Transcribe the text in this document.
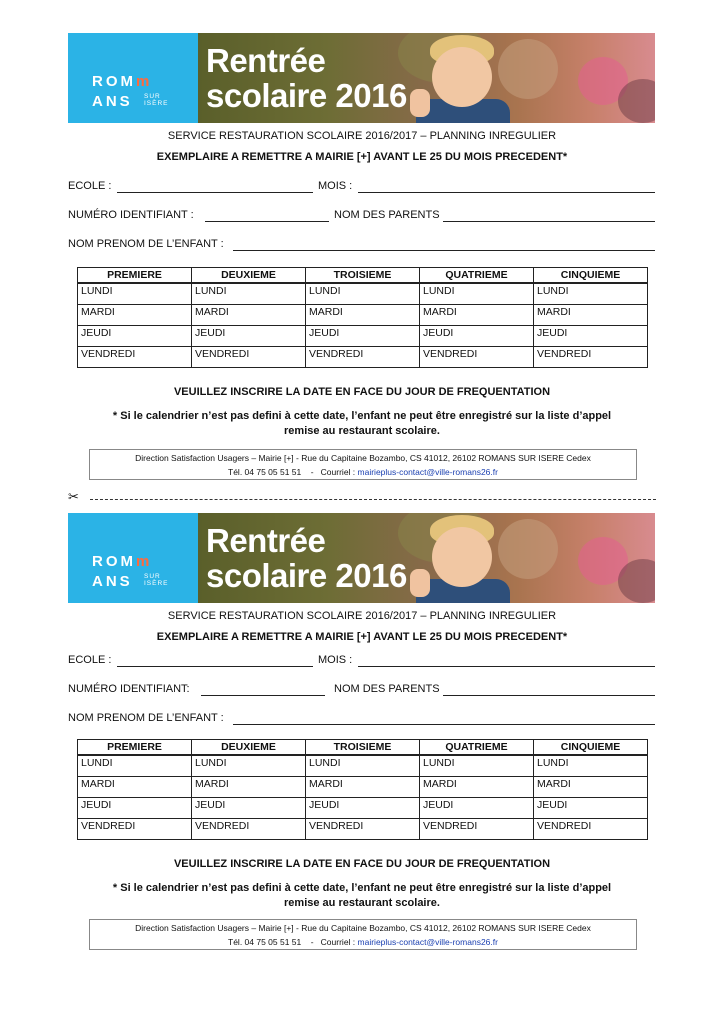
ROMm
ANS SUR
ISÈRE
Rentrée
scolaire 2016
SERVICE RESTAURATION SCOLAIRE 2016/2017 – PLANNING INREGULIER
EXEMPLAIRE A REMETTRE A MAIRIE [+] AVANT LE 25 DU MOIS PRECEDENT*
ECOLE :	MOIS :
NUMÉRO IDENTIFIANT :	NOM DES PARENTS
NOM PRENOM DE L’ENFANT :
PREMIERE	DEUXIEME	TROISIEME	QUATRIEME	CINQUIEME
LUNDI	LUNDI	LUNDI	LUNDI	LUNDI
MARDI	MARDI	MARDI	MARDI	MARDI
JEUDI	JEUDI	JEUDI	JEUDI	JEUDI
VENDREDI	VENDREDI	VENDREDI	VENDREDI	VENDREDI
VEUILLEZ INSCRIRE LA DATE EN FACE DU JOUR DE FREQUENTATION
* Si le calendrier n’est pas defini à cette date, l’enfant ne peut être enregistré sur la liste d’appel
remise au restaurant scolaire.
Direction Satisfaction Usagers – Mairie [+] - Rue du Capitaine Bozambo, CS 41012, 26102 ROMANS SUR ISERE Cedex
Tél. 04 75 05 51 51 - Courriel : mairieplus-contact@ville-romans26.fr
✂
ROMm
ANS SUR
ISÈRE
Rentrée
scolaire 2016
SERVICE RESTAURATION SCOLAIRE 2016/2017 – PLANNING INREGULIER
EXEMPLAIRE A REMETTRE A MAIRIE [+] AVANT LE 25 DU MOIS PRECEDENT*
ECOLE :	MOIS :
NUMÉRO IDENTIFIANT:	NOM DES PARENTS
NOM PRENOM DE L’ENFANT :
PREMIERE	DEUXIEME	TROISIEME	QUATRIEME	CINQUIEME
LUNDI	LUNDI	LUNDI	LUNDI	LUNDI
MARDI	MARDI	MARDI	MARDI	MARDI
JEUDI	JEUDI	JEUDI	JEUDI	JEUDI
VENDREDI	VENDREDI	VENDREDI	VENDREDI	VENDREDI
VEUILLEZ INSCRIRE LA DATE EN FACE DU JOUR DE FREQUENTATION
* Si le calendrier n’est pas defini à cette date, l’enfant ne peut être enregistré sur la liste d’appel
remise au restaurant scolaire.
Direction Satisfaction Usagers – Mairie [+] - Rue du Capitaine Bozambo, CS 41012, 26102 ROMANS SUR ISERE Cedex
Tél. 04 75 05 51 51 - Courriel : mairieplus-contact@ville-romans26.fr
